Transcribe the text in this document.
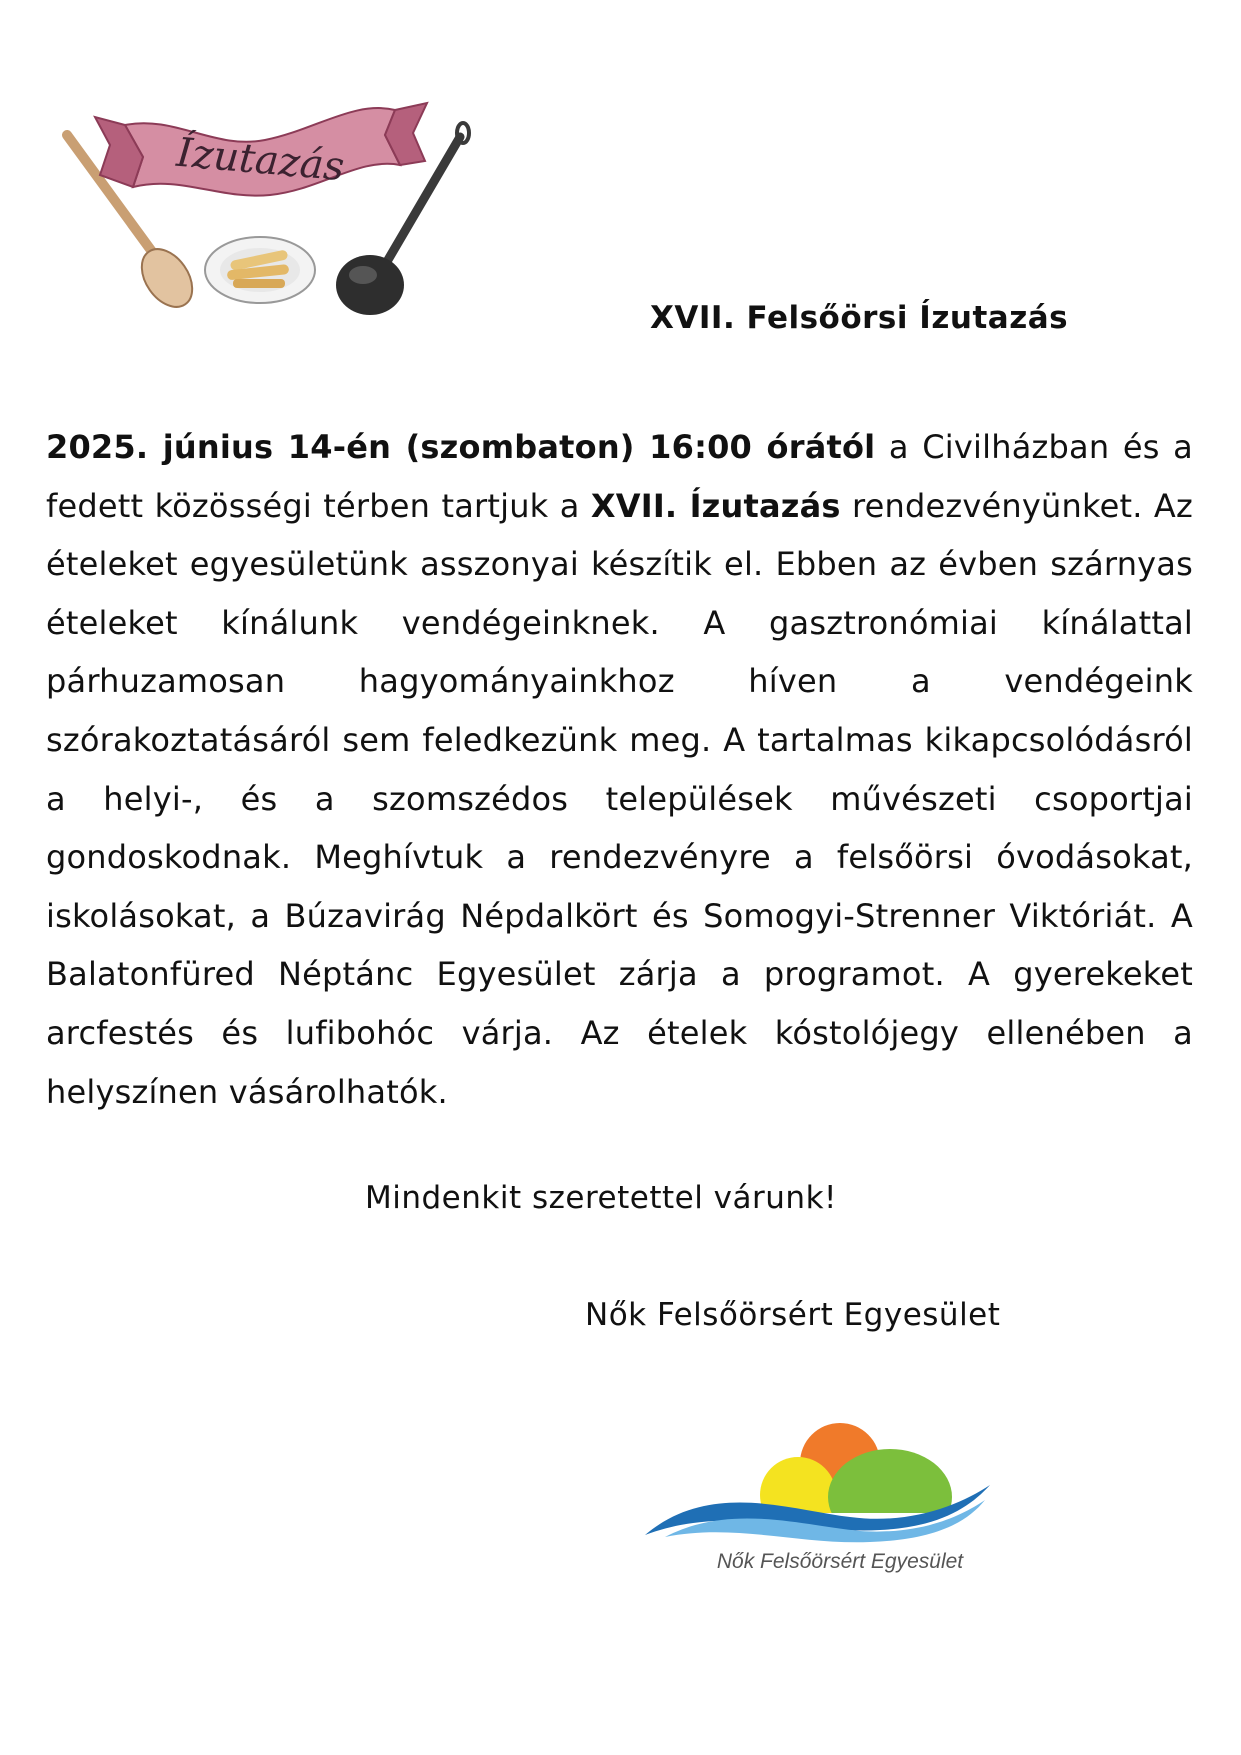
Ízutazás
XVII. Felsőörsi Ízutazás
2025. június 14-én (szombaton) 16:00 órától a Civilházban és a fedett közösségi térben tartjuk a XVII. Ízutazás rendezvényünket. Az ételeket egyesületünk asszonyai készítik el. Ebben az évben szárnyas ételeket kínálunk vendégeinknek. A gasztronómiai kínálattal párhuzamosan hagyományainkhoz híven a vendégeink szórakoztatásáról sem feledkezünk meg. A tartalmas kikapcsolódásról a helyi-, és a szomszédos települések művészeti csoportjai gondoskodnak. Meghívtuk a rendezvényre a felsőörsi óvodásokat, iskolásokat, a Búzavirág Népdalkört és Somogyi-Strenner Viktóriát. A Balatonfüred Néptánc Egyesület zárja a programot. A gyerekeket arcfestés és lufibohóc várja. Az ételek kóstolójegy ellenében a helyszínen vásárolhatók.
Mindenkit szeretettel várunk!
Nők Felsőörsért Egyesület
Nők Felsőörsért Egyesület
